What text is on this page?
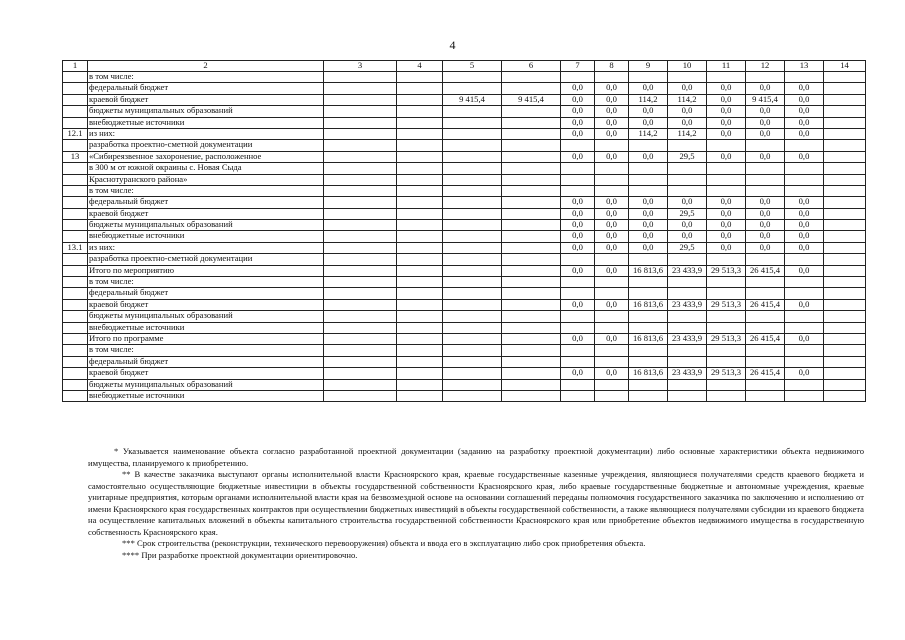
4
1	2	3	4	5	6	7	8	9	10	11	12	13	14
	в том числе:												
	федеральный бюджет					0,0	0,0	0,0	0,0	0,0	0,0	0,0	
	краевой бюджет			9 415,4	9 415,4	0,0	0,0	114,2	114,2	0,0	9 415,4	0,0	
	бюджеты муниципальных образований					0,0	0,0	0,0	0,0	0,0	0,0	0,0	
	внебюджетные источники					0,0	0,0	0,0	0,0	0,0	0,0	0,0	
12.1	из них:					0,0	0,0	114,2	114,2	0,0	0,0	0,0	
	разработка проектно-сметной документации												
13	«Сибиреязвенное захоронение, расположенное					0,0	0,0	0,0	29,5	0,0	0,0	0,0	
	в 300 м от южной окраины с. Новая Сыда												
	Краснотуранского района»												
	в том числе:												
	федеральный бюджет					0,0	0,0	0,0	0,0	0,0	0,0	0,0	
	краевой бюджет					0,0	0,0	0,0	29,5	0,0	0,0	0,0	
	бюджеты муниципальных образований					0,0	0,0	0,0	0,0	0,0	0,0	0,0	
	внебюджетные источники					0,0	0,0	0,0	0,0	0,0	0,0	0,0	
13.1	из них:					0,0	0,0	0,0	29,5	0,0	0,0	0,0	
	разработка проектно-сметной документации												
	Итого по мероприятию					0,0	0,0	16 813,6	23 433,9	29 513,3	26 415,4	0,0	
	в том числе:												
	федеральный бюджет												
	краевой бюджет					0,0	0,0	16 813,6	23 433,9	29 513,3	26 415,4	0,0	
	бюджеты муниципальных образований												
	внебюджетные источники												
	Итого по программе					0,0	0,0	16 813,6	23 433,9	29 513,3	26 415,4	0,0	
	в том числе:												
	федеральный бюджет												
	краевой бюджет					0,0	0,0	16 813,6	23 433,9	29 513,3	26 415,4	0,0	
	бюджеты муниципальных образований												
	внебюджетные источники												

* Указывается наименование объекта согласно разработанной проектной документации (заданию на разработку проектной документации) либо основные характеристики объекта недвижимого имущества, планируемого к приобретению.

** В качестве заказчика выступают органы исполнительной власти Красноярского края, краевые государственные казенные учреждения, являющиеся получателями средств краевого бюджета и самостоятельно осуществляющие бюджетные инвестиции в объекты государственной собственности Красноярского края, либо краевые государственные бюджетные и автономные учреждения, краевые унитарные предприятия, которым органами исполнительной власти края на безвозмездной основе на основании соглашений переданы полномочия государственного заказчика по заключению и исполнению от имени Красноярского края государственных контрактов при осуществлении бюджетных инвестиций в объекты государственной собственности, а также являющиеся получателями субсидии из краевого бюджета на осуществление капитальных вложений в объекты капитального строительства государственной собственности Красноярского края или приобретение объектов недвижимого имущества в государственную собственность Красноярского края.

*** Срок строительства (реконструкции, технического перевооружения) объекта и ввода его в эксплуатацию либо срок приобретения объекта.

**** При разработке проектной документации ориентировочно.
